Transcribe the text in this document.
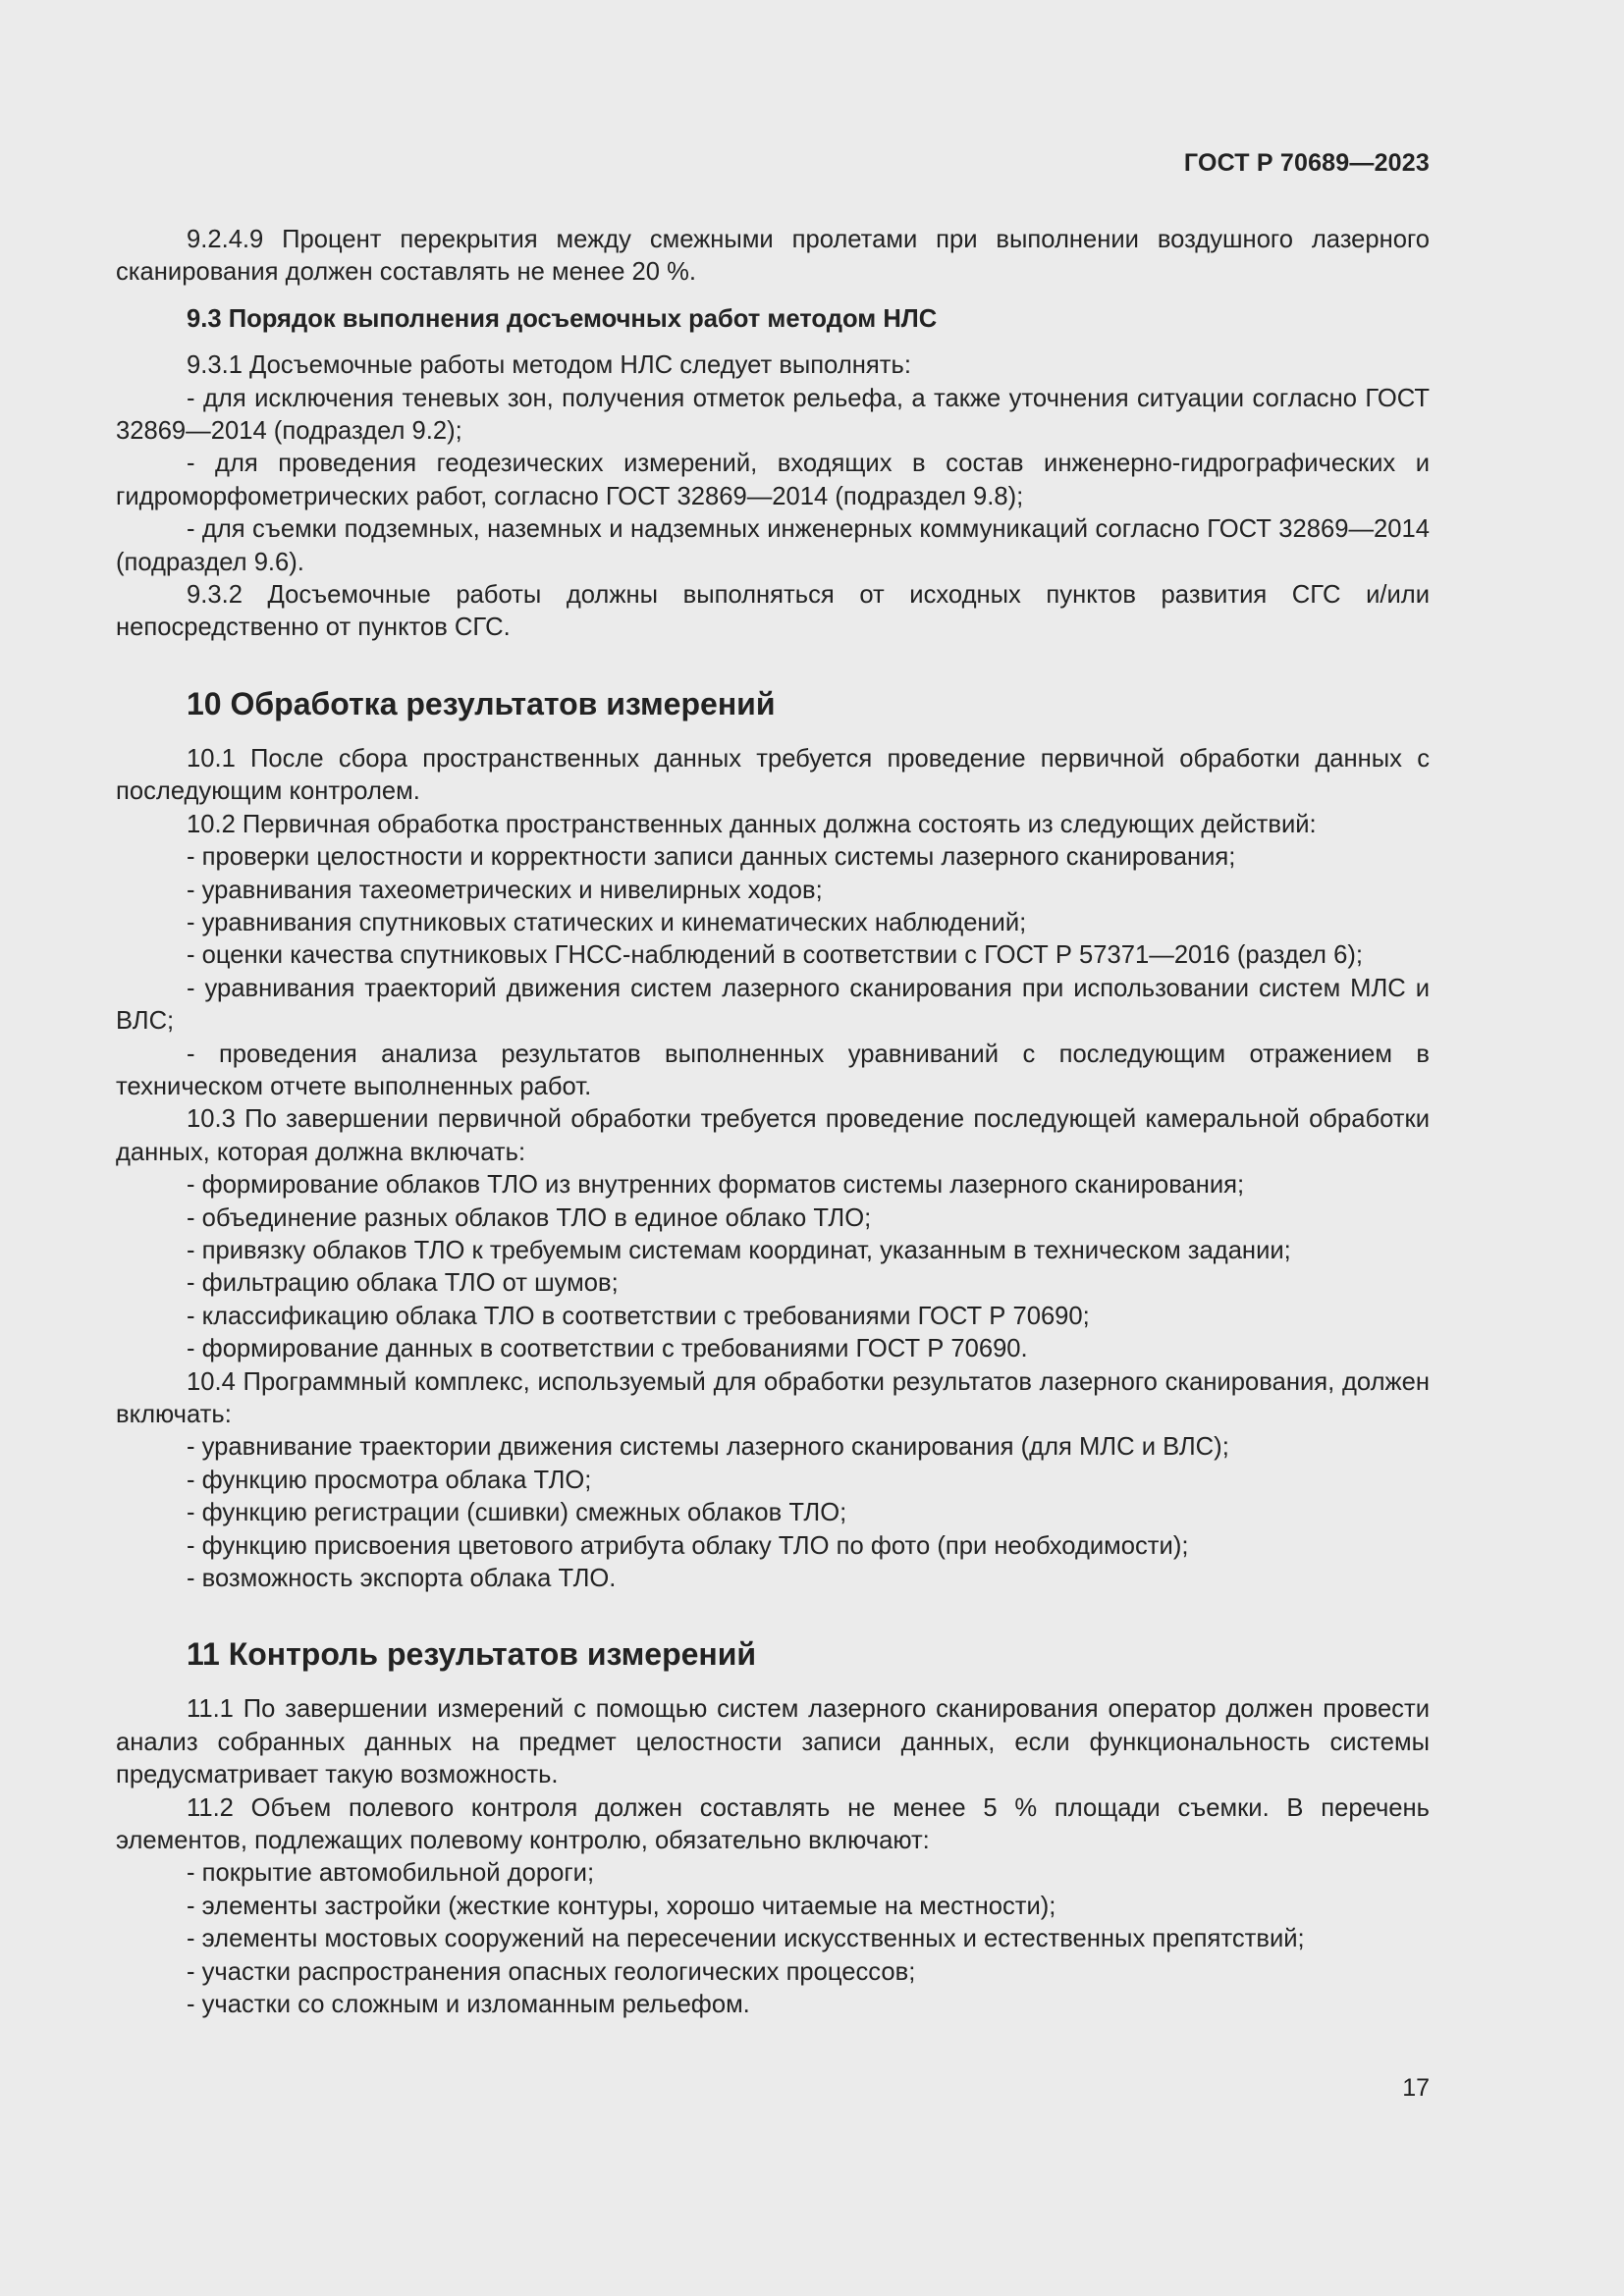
ГОСТ Р 70689—2023

9.2.4.9 Процент перекрытия между смежными пролетами при выполнении воздушного лазерного сканирования должен составлять не менее 20 %.

9.3 Порядок выполнения досъемочных работ методом НЛС

9.3.1 Досъемочные работы методом НЛС следует выполнять:

- для исключения теневых зон, получения отметок рельефа, а также уточнения ситуации согласно ГОСТ 32869—2014 (подраздел 9.2);

- для проведения геодезических измерений, входящих в состав инженерно-гидрографических и гидроморфометрических работ, согласно ГОСТ 32869—2014 (подраздел 9.8);

- для съемки подземных, наземных и надземных инженерных коммуникаций согласно ГОСТ 32869—2014 (подраздел 9.6).

9.3.2 Досъемочные работы должны выполняться от исходных пунктов развития СГС и/или непосредственно от пунктов СГС.

10 Обработка результатов измерений

10.1 После сбора пространственных данных требуется проведение первичной обработки данных с последующим контролем.

10.2 Первичная обработка пространственных данных должна состоять из следующих действий:

- проверки целостности и корректности записи данных системы лазерного сканирования;

- уравнивания тахеометрических и нивелирных ходов;

- уравнивания спутниковых статических и кинематических наблюдений;

- оценки качества спутниковых ГНСС-наблюдений в соответствии с ГОСТ Р 57371—2016 (раздел 6);

- уравнивания траекторий движения систем лазерного сканирования при использовании систем МЛС и ВЛС;

- проведения анализа результатов выполненных уравниваний с последующим отражением в техническом отчете выполненных работ.

10.3 По завершении первичной обработки требуется проведение последующей камеральной обработки данных, которая должна включать:

- формирование облаков ТЛО из внутренних форматов системы лазерного сканирования;

- объединение разных облаков ТЛО в единое облако ТЛО;

- привязку облаков ТЛО к требуемым системам координат, указанным в техническом задании;

- фильтрацию облака ТЛО от шумов;

- классификацию облака ТЛО в соответствии с требованиями ГОСТ Р 70690;

- формирование данных в соответствии с требованиями ГОСТ Р 70690.

10.4 Программный комплекс, используемый для обработки результатов лазерного сканирования, должен включать:

- уравнивание траектории движения системы лазерного сканирования (для МЛС и ВЛС);

- функцию просмотра облака ТЛО;

- функцию регистрации (сшивки) смежных облаков ТЛО;

- функцию присвоения цветового атрибута облаку ТЛО по фото (при необходимости);

- возможность экспорта облака ТЛО.

11 Контроль результатов измерений

11.1 По завершении измерений с помощью систем лазерного сканирования оператор должен провести анализ собранных данных на предмет целостности записи данных, если функциональность системы предусматривает такую возможность.

11.2 Объем полевого контроля должен составлять не менее 5 % площади съемки. В перечень элементов, подлежащих полевому контролю, обязательно включают:

- покрытие автомобильной дороги;

- элементы застройки (жесткие контуры, хорошо читаемые на местности);

- элементы мостовых сооружений на пересечении искусственных и естественных препятствий;

- участки распространения опасных геологических процессов;

- участки со сложным и изломанным рельефом.

17
